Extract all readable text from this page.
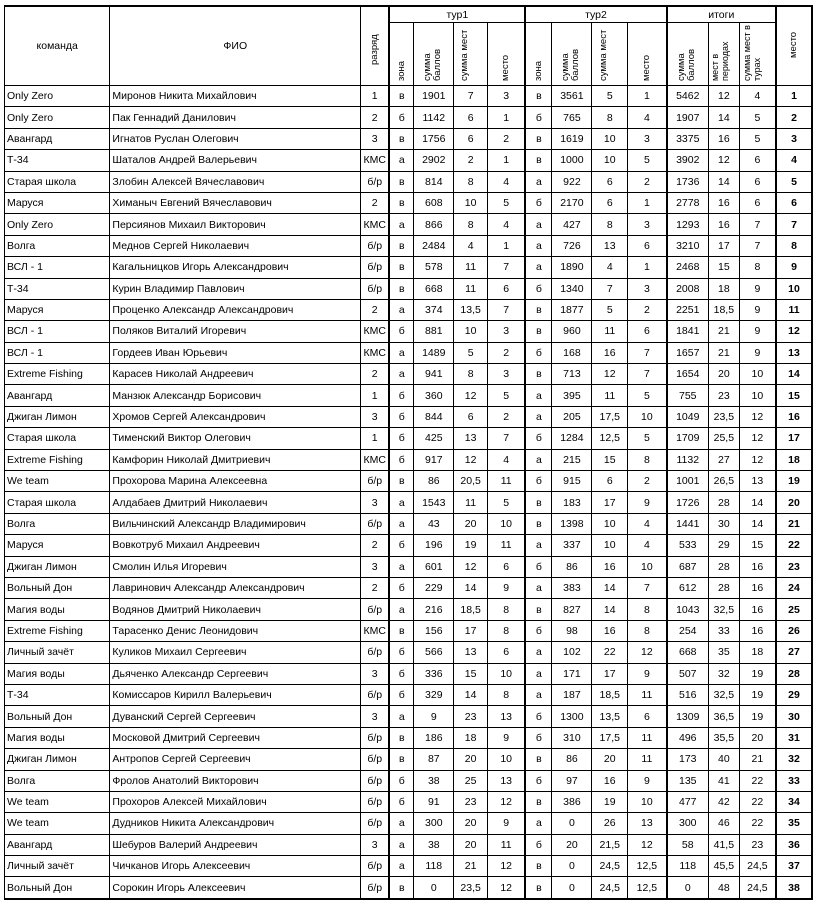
команда	ФИО	разряд	тур1				тур2				итоги			место
			зона	сумма баллов	сумма мест	место	зона	сумма баллов	сумма мест	место	сумма баллов	мест в периодах	сумма мест в турах	
Only Zero	Миронов Никита Михайлович	1	в	1901	7	3	в	3561	5	1	5462	12	4	1
Only Zero	Пак Геннадий Данилович	2	б	1142	6	1	б	765	8	4	1907	14	5	2
Авангард	Игнатов Руслан Олегович	3	в	1756	6	2	в	1619	10	3	3375	16	5	3
Т-34	Шаталов Андрей Валерьевич	КМС	а	2902	2	1	в	1000	10	5	3902	12	6	4
Старая школа	Злобин Алексей Вячеславович	б/р	в	814	8	4	а	922	6	2	1736	14	6	5
Маруся	Химаныч Евгений Вячеславович	2	в	608	10	5	б	2170	6	1	2778	16	6	6
Only Zero	Персиянов Михаил Викторович	КМС	а	866	8	4	а	427	8	3	1293	16	7	7
Волга	Меднов Сергей Николаевич	б/р	в	2484	4	1	а	726	13	6	3210	17	7	8
ВСЛ - 1	Кагальницков Игорь Александрович	б/р	в	578	11	7	а	1890	4	1	2468	15	8	9
Т-34	Курин Владимир Павлович	б/р	в	668	11	6	б	1340	7	3	2008	18	9	10
Маруся	Проценко Александр Александрович	2	а	374	13,5	7	в	1877	5	2	2251	18,5	9	11
ВСЛ - 1	Поляков Виталий Игоревич	КМС	б	881	10	3	в	960	11	6	1841	21	9	12
ВСЛ - 1	Гордеев Иван Юрьевич	КМС	а	1489	5	2	б	168	16	7	1657	21	9	13
Extreme Fishing	Карасев Николай Андреевич	2	а	941	8	3	в	713	12	7	1654	20	10	14
Авангард	Манзюк Александр Борисович	1	б	360	12	5	а	395	11	5	755	23	10	15
Джиган Лимон	Хромов Сергей Александрович	3	б	844	6	2	а	205	17,5	10	1049	23,5	12	16
Старая школа	Тименский Виктор Олегович	1	б	425	13	7	б	1284	12,5	5	1709	25,5	12	17
Extreme Fishing	Камфорин Николай Дмитриевич	КМС	б	917	12	4	а	215	15	8	1132	27	12	18
We team	Прохорова Марина Алексеевна	б/р	в	86	20,5	11	б	915	6	2	1001	26,5	13	19
Старая школа	Алдабаев Дмитрий Николаевич	3	а	1543	11	5	в	183	17	9	1726	28	14	20
Волга	Вильчинский Александр Владимирович	б/р	а	43	20	10	в	1398	10	4	1441	30	14	21
Маруся	Вовкотруб Михаил Андреевич	2	б	196	19	11	а	337	10	4	533	29	15	22
Джиган Лимон	Смолин Илья Игоревич	3	а	601	12	6	б	86	16	10	687	28	16	23
Вольный Дон	Лавринович Александр Александрович	2	б	229	14	9	а	383	14	7	612	28	16	24
Магия воды	Водянов Дмитрий Николаевич	б/р	а	216	18,5	8	в	827	14	8	1043	32,5	16	25
Extreme Fishing	Тарасенко Денис Леонидович	КМС	в	156	17	8	б	98	16	8	254	33	16	26
Личный зачёт	Куликов Михаил Сергеевич	б/р	б	566	13	6	а	102	22	12	668	35	18	27
Магия воды	Дьяченко Александр Сергеевич	3	б	336	15	10	а	171	17	9	507	32	19	28
Т-34	Комиссаров Кирилл Валерьевич	б/р	б	329	14	8	а	187	18,5	11	516	32,5	19	29
Вольный Дон	Дуванский Сергей Сергеевич	3	а	9	23	13	б	1300	13,5	6	1309	36,5	19	30
Магия воды	Московой Дмитрий Сергеевич	б/р	в	186	18	9	б	310	17,5	11	496	35,5	20	31
Джиган Лимон	Антропов Сергей Сергеевич	б/р	в	87	20	10	в	86	20	11	173	40	21	32
Волга	Фролов Анатолий Викторович	б/р	б	38	25	13	б	97	16	9	135	41	22	33
We team	Прохоров Алексей Михайлович	б/р	б	91	23	12	в	386	19	10	477	42	22	34
We team	Дудников Никита Александрович	б/р	а	300	20	9	а	0	26	13	300	46	22	35
Авангард	Шебуров Валерий Андреевич	3	а	38	20	11	б	20	21,5	12	58	41,5	23	36
Личный зачёт	Чичканов Игорь Алексеевич	б/р	а	118	21	12	в	0	24,5	12,5	118	45,5	24,5	37
Вольный Дон	Сорокин Игорь Алексеевич	б/р	в	0	23,5	12	в	0	24,5	12,5	0	48	24,5	38
